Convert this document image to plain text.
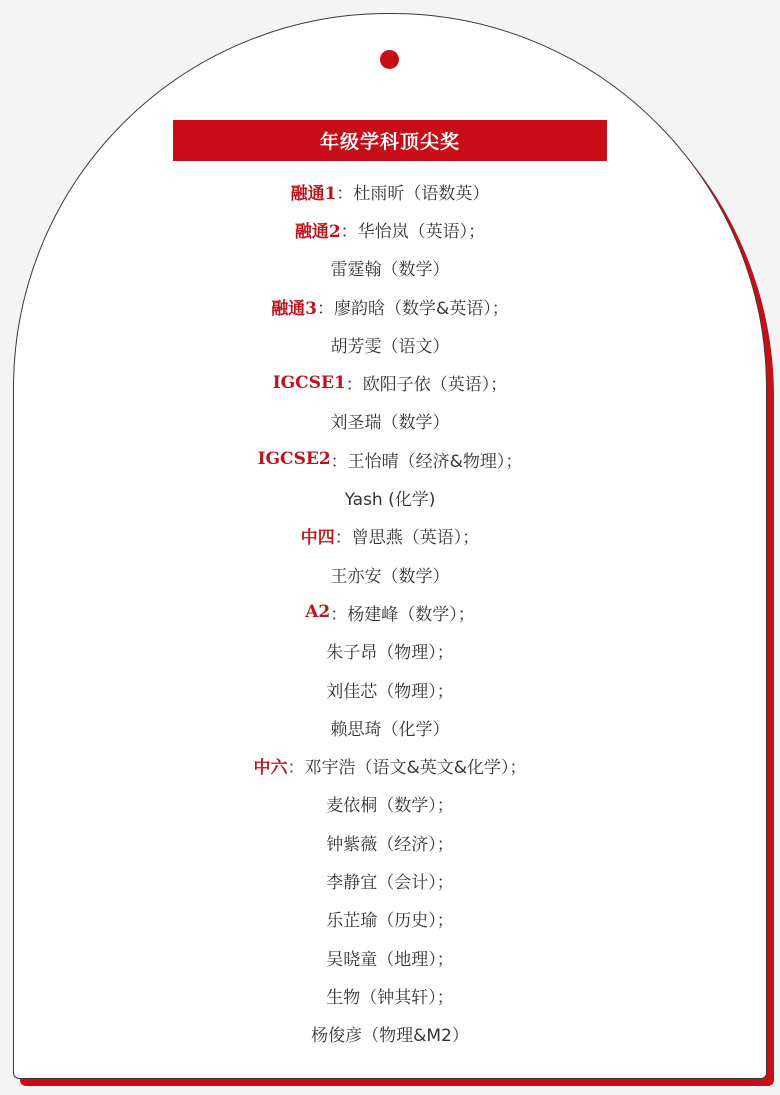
年级学科顶尖奖
融通1 ： 杜雨昕（语数英）
融通2 ： 华怡岚（英语）；
雷霆翰（数学）
融通3 ： 廖韵晗（数学&英语）；
胡芳雯（语文）
IGCSE1 ： 欧阳子依（英语）；
刘圣瑞（数学）
IGCSE2 ： 王怡晴（经济&物理）；
Yash (化学)
中四 ： 曾思燕（英语）；
王亦安（数学）
A2 ： 杨建峰（数学）；
朱子昂（物理）；
刘佳芯（物理）；
赖思琦（化学）
中六 ： 邓宇浩（语文&英文&化学）；
麦依桐（数学）；
钟紫薇（经济）；
李静宜（会计）；
乐芷瑜（历史）；
吴晓童（地理）；
生物（钟其轩）；
杨俊彦（物理&M2）
